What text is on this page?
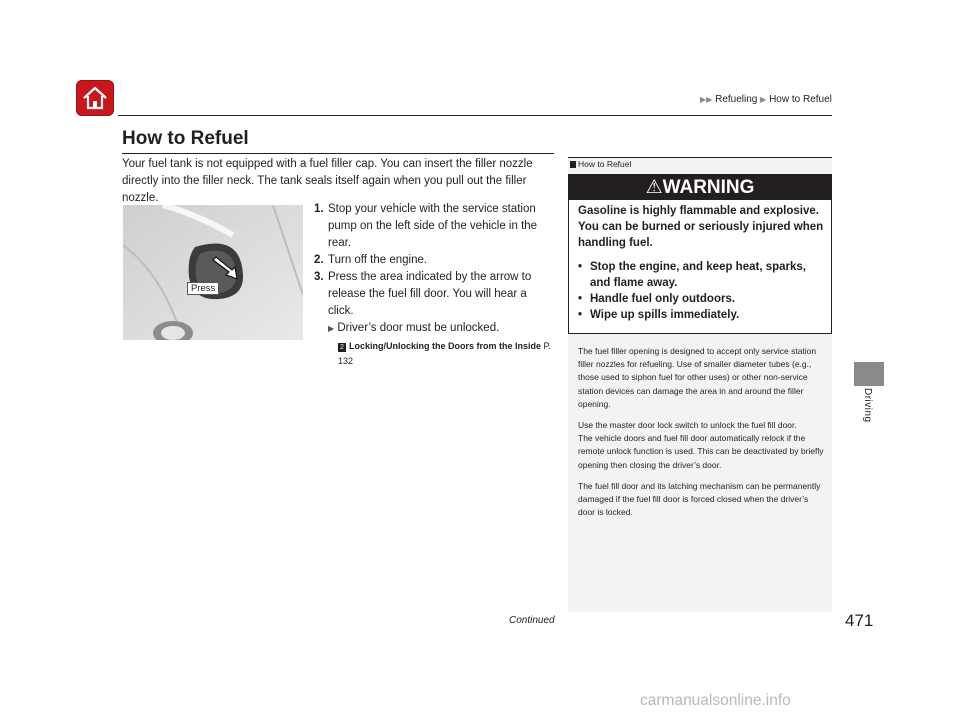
▶▶ Refueling ▶ How to Refuel
How to Refuel
Your fuel tank is not equipped with a fuel filler cap. You can insert the filler nozzle directly into the filler neck. The tank seals itself again when you pull out the filler nozzle.
Press
1. Stop your vehicle with the service station pump on the left side of the vehicle in the rear.
2. Turn off the engine.
3. Press the area indicated by the arrow to release the fuel fill door. You will hear a click.
▶ Driver’s door must be unlocked.
2 Locking/Unlocking the Doors from the Inside P. 132
How to Refuel
⚠WARNING
Gasoline is highly flammable and explosive. You can be burned or seriously injured when handling fuel.
• Stop the engine, and keep heat, sparks, and flame away.
• Handle fuel only outdoors.
• Wipe up spills immediately.

The fuel filler opening is designed to accept only service station filler nozzles for refueling. Use of smaller diameter tubes (e.g., those used to siphon fuel for other uses) or other non-service station devices can damage the area in and around the filler opening.

Use the master door lock switch to unlock the fuel fill door.
The vehicle doors and fuel fill door automatically relock if the remote unlock function is used. This can be deactivated by briefly opening then closing the driver’s door.

The fuel fill door and its latching mechanism can be permanently damaged if the fuel fill door is forced closed when the driver’s door is locked.

Driving
Continued	471
carmanualsonline.info
